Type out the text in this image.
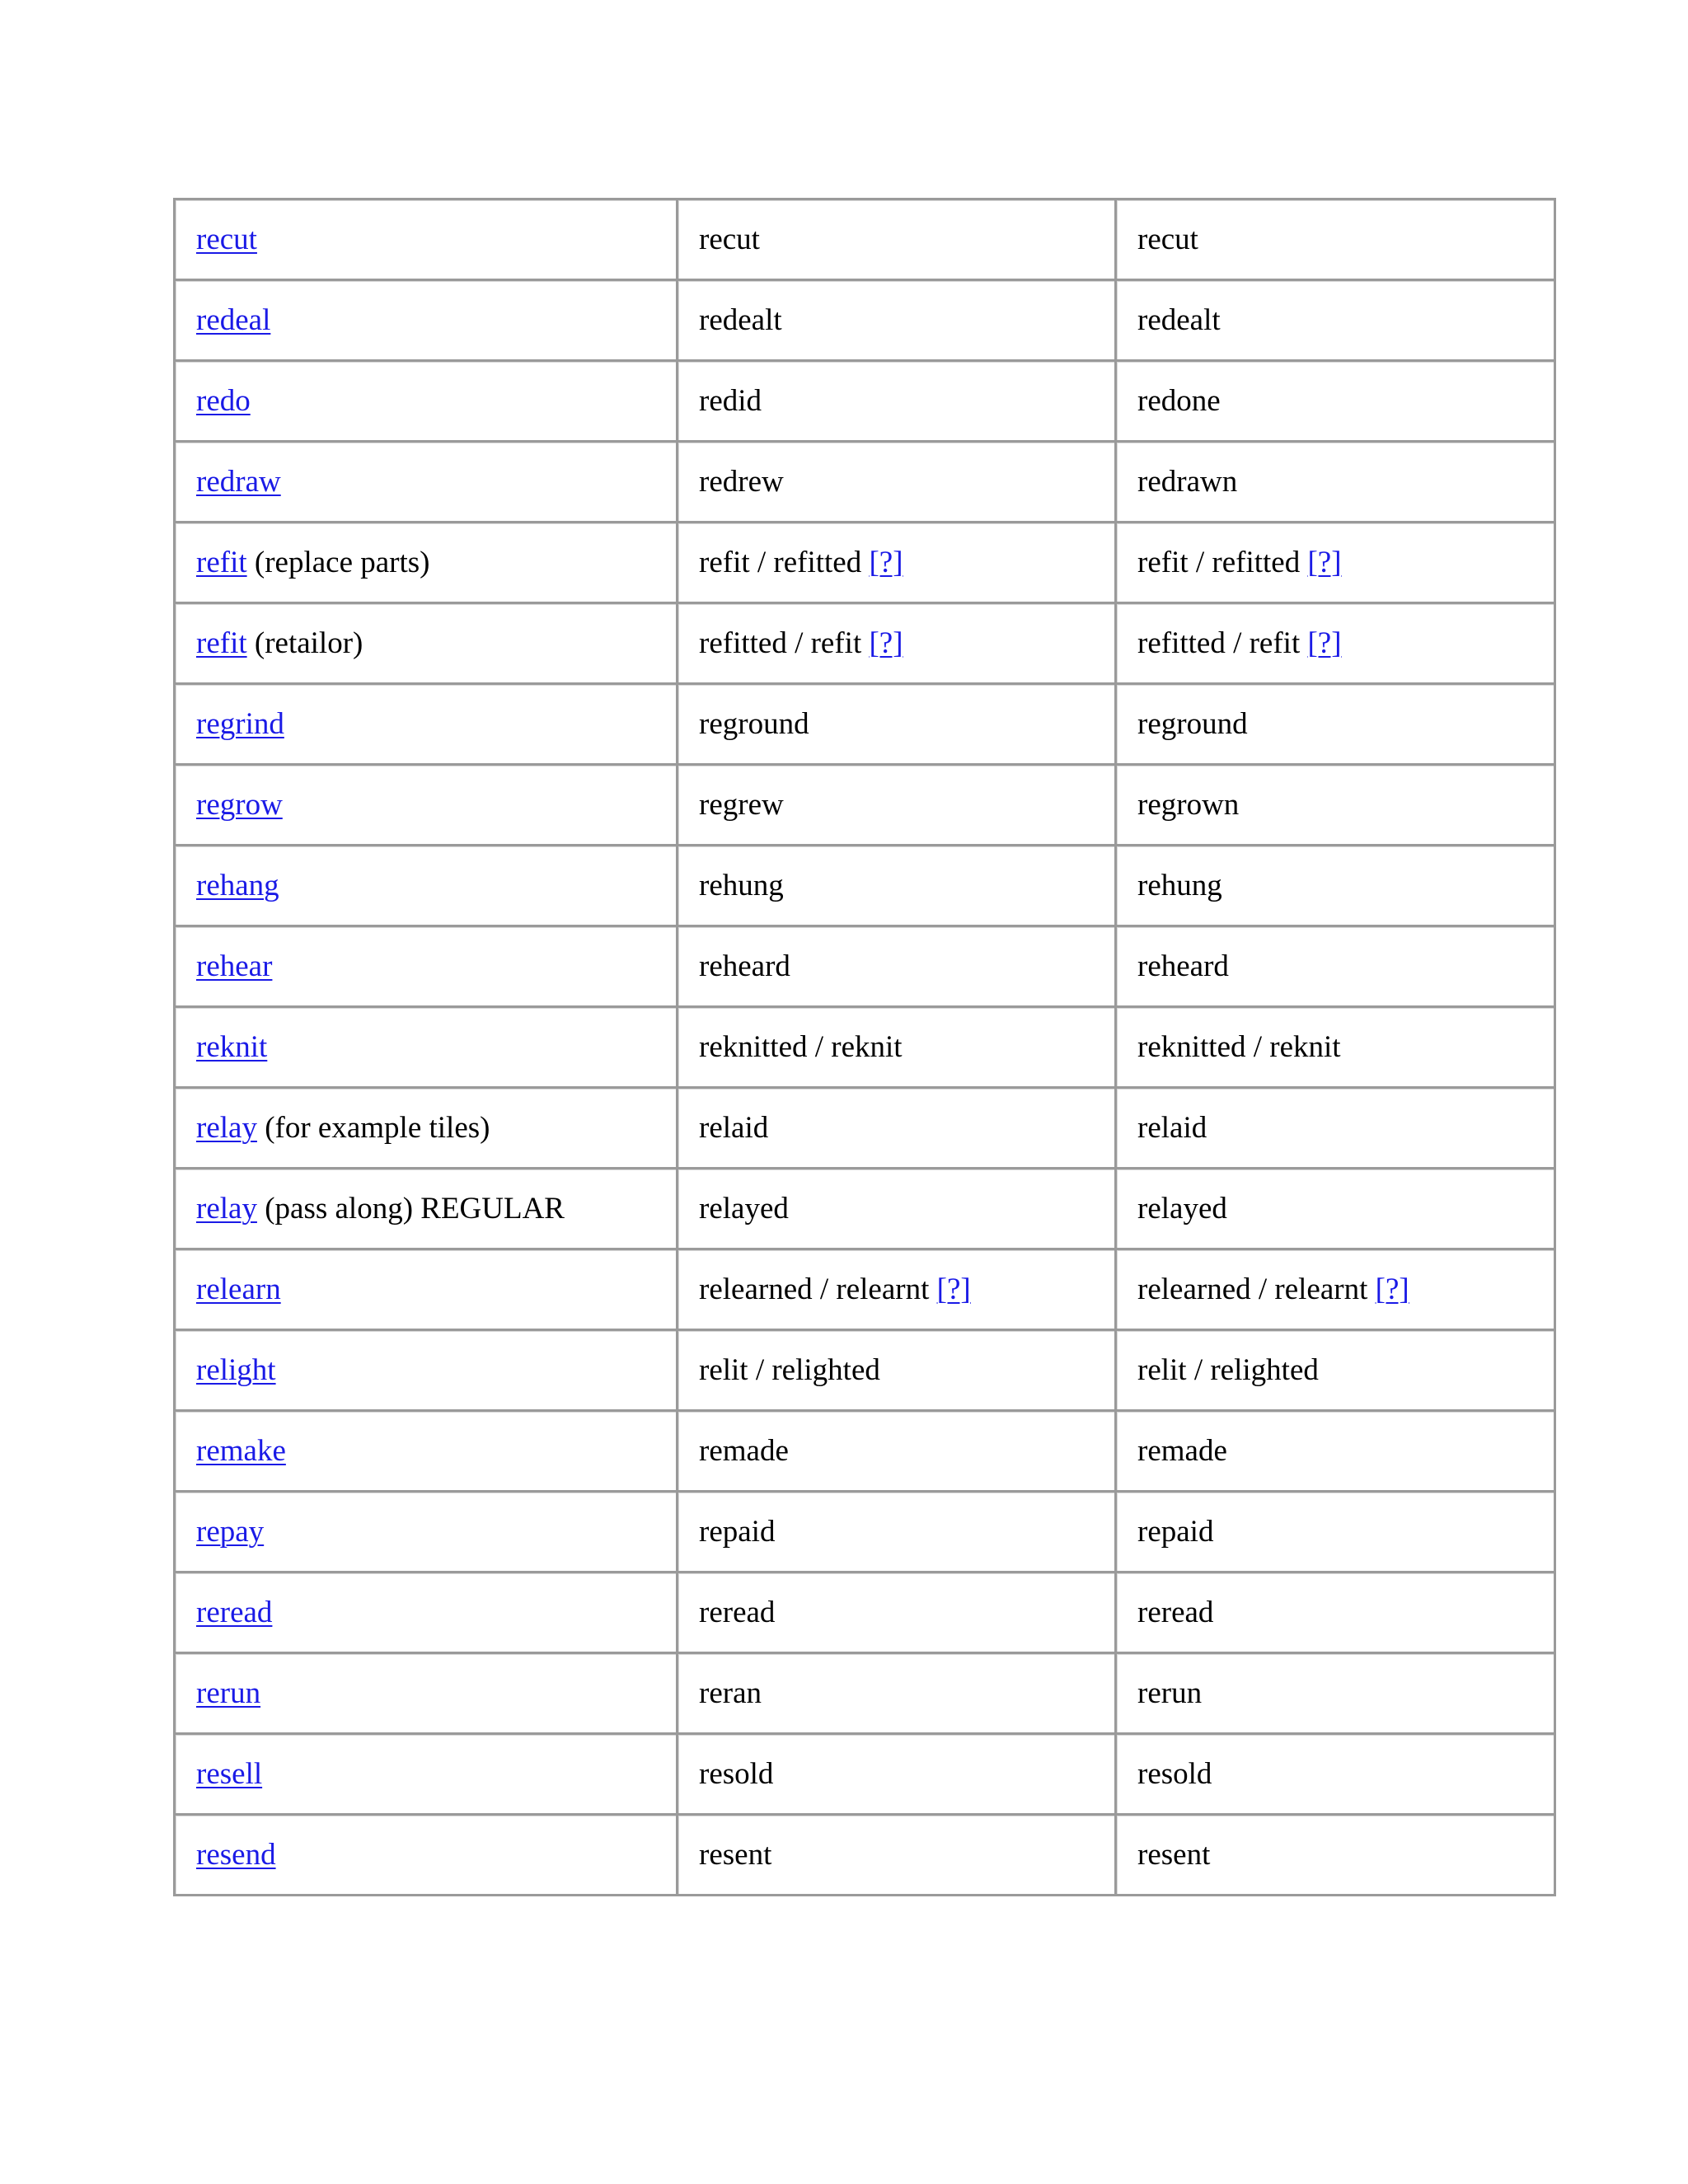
recut	recut	recut
redeal	redealt	redealt
redo	redid	redone
redraw	redrew	redrawn
refit (replace parts)	refit / refitted [?]	refit / refitted [?]
refit (retailor)	refitted / refit [?]	refitted / refit [?]
regrind	reground	reground
regrow	regrew	regrown
rehang	rehung	rehung
rehear	reheard	reheard
reknit	reknitted / reknit	reknitted / reknit
relay (for example tiles)	relaid	relaid
relay (pass along) REGULAR	relayed	relayed
relearn	relearned / relearnt [?]	relearned / relearnt [?]
relight	relit / relighted	relit / relighted
remake	remade	remade
repay	repaid	repaid
reread	reread	reread
rerun	reran	rerun
resell	resold	resold
resend	resent	resent
